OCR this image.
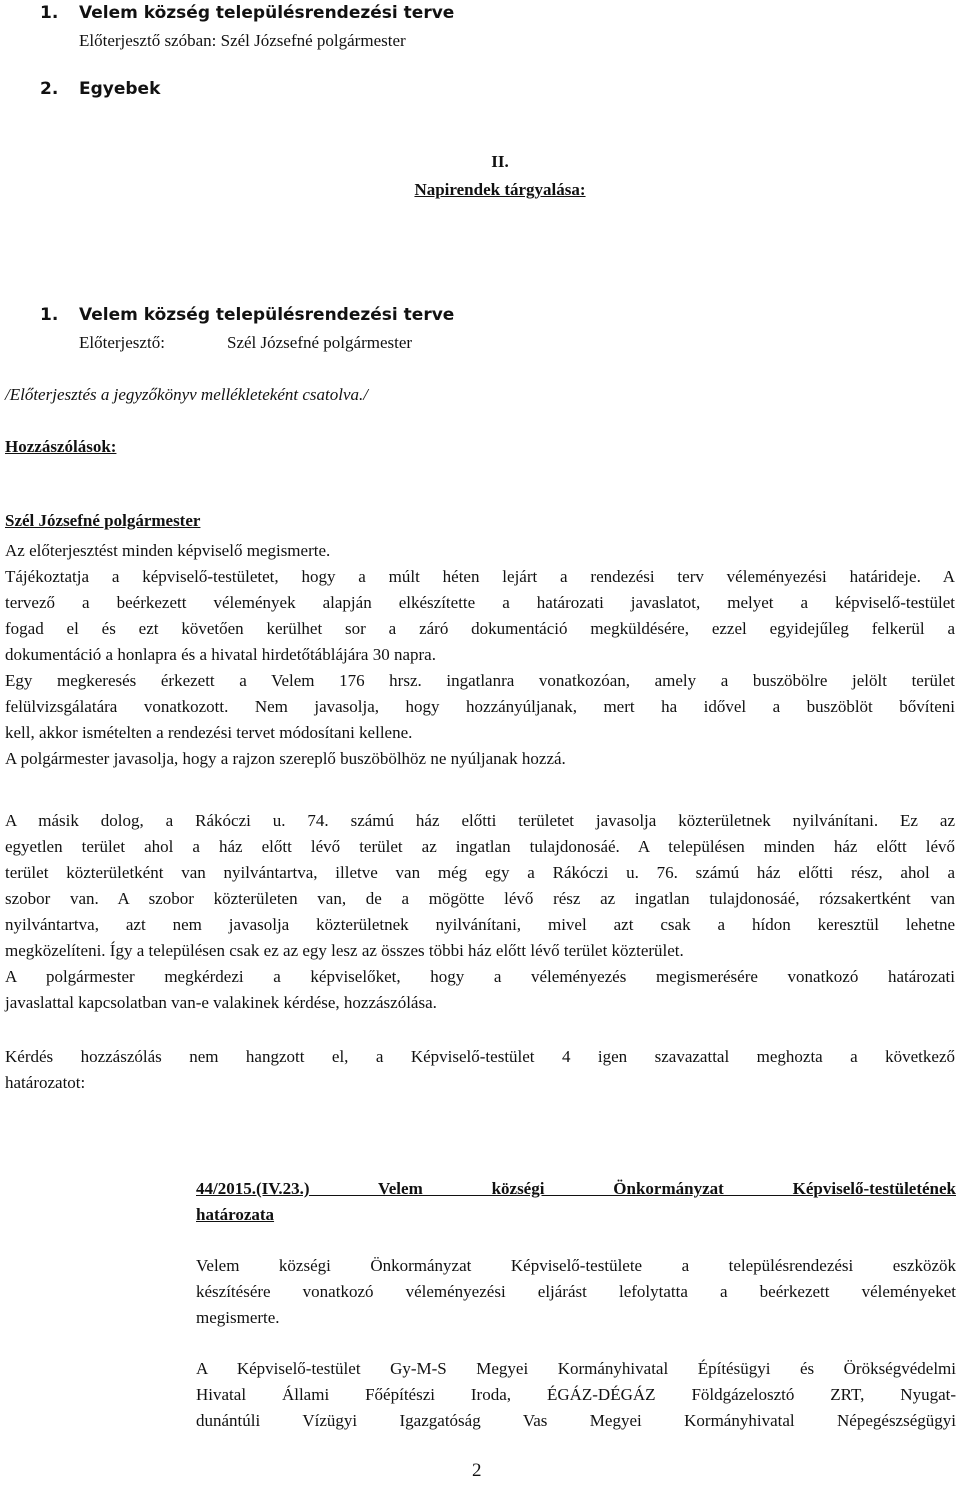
1. Velem község településrendezési terve
Előterjesztő szóban: Szél Józsefné polgármester
2. Egyebek
II.
Napirendek tárgyalása:
1. Velem község településrendezési terve
Előterjesztő:	Szél Józsefné polgármester
/Előterjesztés a jegyzőkönyv mellékleteként csatolva./
Hozzászólások:
Szél Józsefné polgármester
Az előterjesztést minden képviselő megismerte.
Tájékoztatja a képviselő-testületet, hogy a múlt héten lejárt a rendezési terv véleményezési határideje. A
tervező a beérkezett vélemények alapján elkészítette a határozati javaslatot, melyet a képviselő-testület
fogad el és ezt követően kerülhet sor a záró dokumentáció megküldésére, ezzel egyidejűleg felkerül a
dokumentáció a honlapra és a hivatal hirdetőtáblájára 30 napra.
Egy megkeresés érkezett a Velem 176 hrsz. ingatlanra vonatkozóan, amely a buszöbölre jelölt terület
felülvizsgálatára vonatkozott. Nem javasolja, hogy hozzányúljanak, mert ha idővel a buszöblöt bővíteni
kell, akkor ismételten a rendezési tervet módosítani kellene.
A polgármester javasolja, hogy a rajzon szereplő buszöbölhöz ne nyúljanak hozzá.
A másik dolog, a Rákóczi u. 74. számú ház előtti területet javasolja közterületnek nyilvánítani. Ez az
egyetlen terület ahol a ház előtt lévő terület az ingatlan tulajdonosáé. A településen minden ház előtt lévő
terület közterületként van nyilvántartva, illetve van még egy a Rákóczi u. 76. számú ház előtti rész, ahol a
szobor van. A szobor közterületen van, de a mögötte lévő rész az ingatlan tulajdonosáé, rózsakertként van
nyilvántartva, azt nem javasolja közterületnek nyilvánítani, mivel azt csak a hídon keresztül lehetne
megközelíteni. Így a településen csak ez az egy lesz az összes többi ház előtt lévő terület közterület.
A polgármester megkérdezi a képviselőket, hogy a véleményezés megismerésére vonatkozó határozati
javaslattal kapcsolatban van-e valakinek kérdése, hozzászólása.
Kérdés hozzászólás nem hangzott el, a Képviselő-testület 4 igen szavazattal meghozta a következő
határozatot:
44/2015.(IV.23.) Velem községi Önkormányzat Képviselő-testületének
határozata
Velem községi Önkormányzat Képviselő-testülete a településrendezési eszközök
készítésére vonatkozó véleményezési eljárást lefolytatta a beérkezett véleményeket
megismerte.
A Képviselő-testület Gy-M-S Megyei Kormányhivatal Építésügyi és Örökségvédelmi
Hivatal Állami Főépítészi Iroda, ÉGÁZ-DÉGÁZ Földgázelosztó ZRT, Nyugat-
dunántúli Vízügyi Igazgatóság Vas Megyei Kormányhivatal Népegészségügyi
2
